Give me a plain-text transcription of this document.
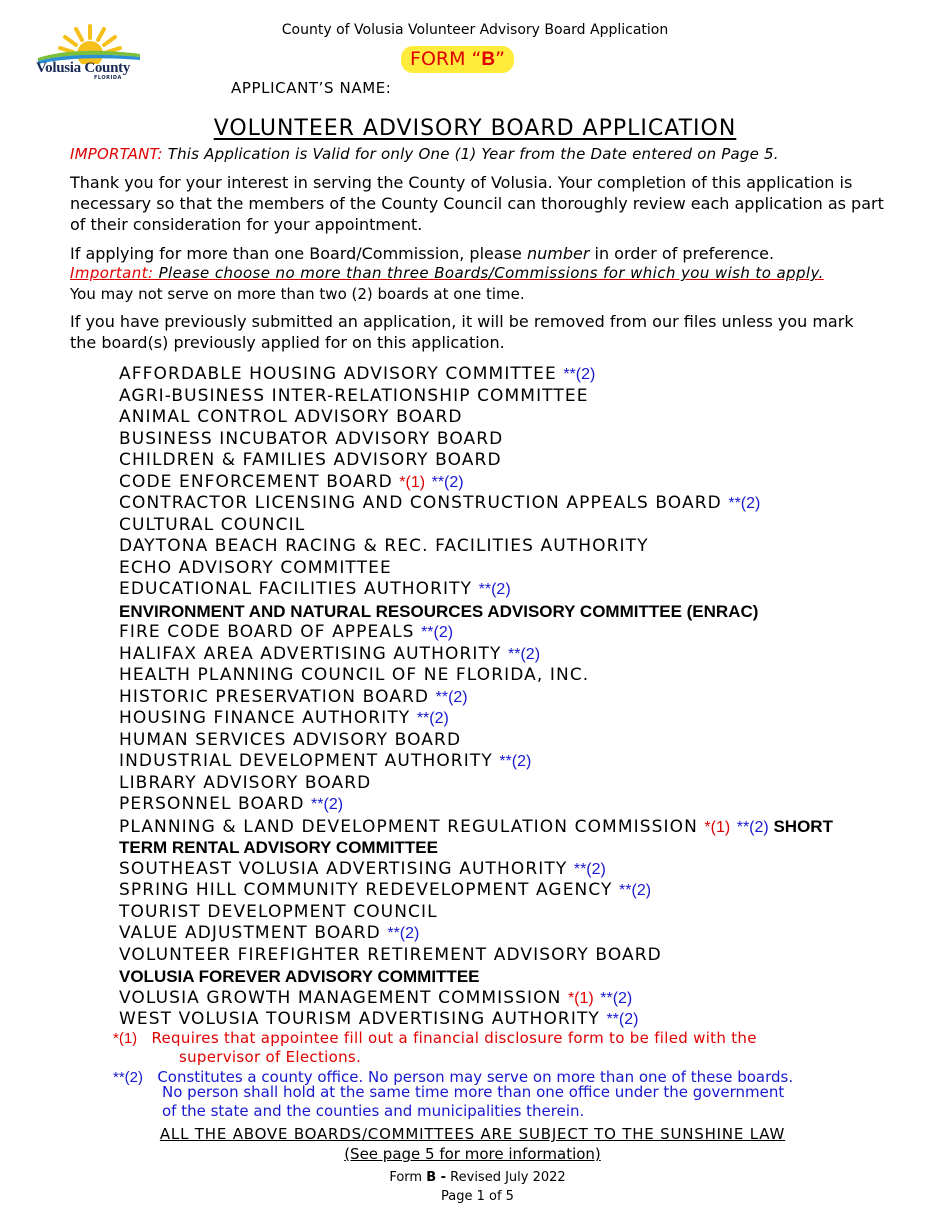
County of Volusia Volunteer Advisory Board Application
Volusia County
FLORIDA
FORM “B”
APPLICANT’S NAME:
VOLUNTEER ADVISORY BOARD APPLICATION
IMPORTANT: This Application is Valid for only One (1) Year from the Date entered on Page 5.
Thank you for your interest in serving the County of Volusia. Your completion of this application is necessary so that the members of the County Council can thoroughly review each application as part of their consideration for your appointment.
If applying for more than one Board/Commission, please number in order of preference.
Important: Please choose no more than three Boards/Commissions for which you wish to apply.
You may not serve on more than two (2) boards at one time.
If you have previously submitted an application, it will be removed from our files unless you mark the board(s) previously applied for on this application.
AFFORDABLE HOUSING ADVISORY COMMITTEE **(2)
AGRI-BUSINESS INTER-RELATIONSHIP COMMITTEE
ANIMAL CONTROL ADVISORY BOARD
BUSINESS INCUBATOR ADVISORY BOARD
CHILDREN & FAMILIES ADVISORY BOARD
CODE ENFORCEMENT BOARD *(1) **(2)
CONTRACTOR LICENSING AND CONSTRUCTION APPEALS BOARD **(2)
CULTURAL COUNCIL
DAYTONA BEACH RACING & REC. FACILITIES AUTHORITY
ECHO ADVISORY COMMITTEE
EDUCATIONAL FACILITIES AUTHORITY **(2)
ENVIRONMENT AND NATURAL RESOURCES ADVISORY COMMITTEE (ENRAC)
FIRE CODE BOARD OF APPEALS **(2)
HALIFAX AREA ADVERTISING AUTHORITY **(2)
HEALTH PLANNING COUNCIL OF NE FLORIDA, INC.
HISTORIC PRESERVATION BOARD **(2)
HOUSING FINANCE AUTHORITY **(2)
HUMAN SERVICES ADVISORY BOARD
INDUSTRIAL DEVELOPMENT AUTHORITY **(2)
LIBRARY ADVISORY BOARD
PERSONNEL BOARD **(2)
PLANNING & LAND DEVELOPMENT REGULATION COMMISSION *(1) **(2) SHORT
TERM RENTAL ADVISORY COMMITTEE
SOUTHEAST VOLUSIA ADVERTISING AUTHORITY **(2)
SPRING HILL COMMUNITY REDEVELOPMENT AGENCY **(2)
TOURIST DEVELOPMENT COUNCIL
VALUE ADJUSTMENT BOARD **(2)
VOLUNTEER FIREFIGHTER RETIREMENT ADVISORY BOARD
VOLUSIA FOREVER ADVISORY COMMITTEE
VOLUSIA GROWTH MANAGEMENT COMMISSION *(1) **(2)
WEST VOLUSIA TOURISM ADVERTISING AUTHORITY **(2)
*(1) Requires that appointee fill out a financial disclosure form to be filed with the
supervisor of Elections.
**(2) Constitutes a county office. No person may serve on more than one of these boards.
No person shall hold at the same time more than one office under the government
of the state and the counties and municipalities therein.
ALL THE ABOVE BOARDS/COMMITTEES ARE SUBJECT TO THE SUNSHINE LAW
(See page 5 for more information)
Form B - Revised July 2022
Page 1 of 5
